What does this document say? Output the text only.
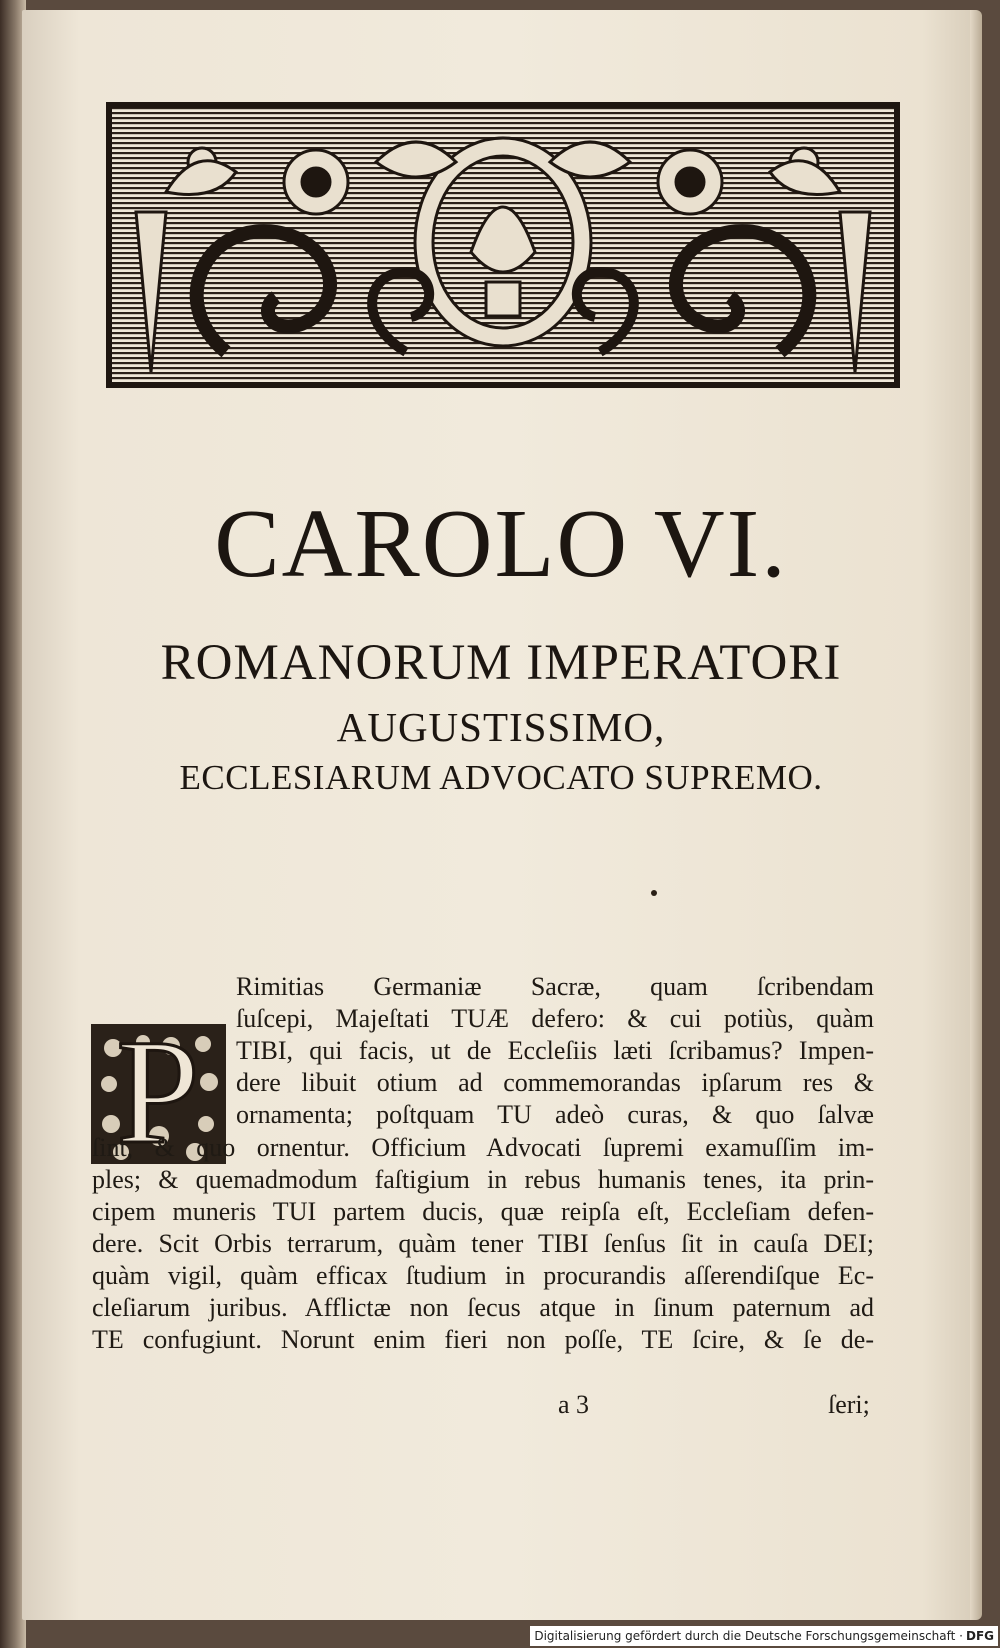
CAROLO VI.
ROMANORUM IMPERATORI
AUGUSTISSIMO,
ECCLESIARUM ADVOCATO SUPREMO.
P
Rimitias Germaniæ Sacræ, quam ſcribendam
ſuſcepi, Majeſtati TUÆ defero: & cui potiùs, quàm
TIBI, qui facis, ut de Eccleſiis læti ſcribamus? Impen-
dere libuit otium ad commemorandas ipſarum res &
ornamenta; poſtquam TU adeò curas, & quo ſalvæ
ſint, & quo ornentur. Officium Advocati ſupremi examuſſim im-
ples; & quemadmodum faſtigium in rebus humanis tenes, ita prin-
cipem muneris TUI partem ducis, quæ reipſa eſt, Eccleſiam defen-
dere. Scit Orbis terrarum, quàm tener TIBI ſenſus ſit in cauſa DEI;
quàm vigil, quàm efficax ſtudium in procurandis aſſerendiſque Ec-
cleſiarum juribus. Afflictæ non ſecus atque in ſinum paternum ad
TE confugiunt. Norunt enim fieri non poſſe, TE ſcire, & ſe de-
a 3	ſeri;
Digitalisierung gefördert durch die Deutsche Forschungsgemeinschaft · DFG
